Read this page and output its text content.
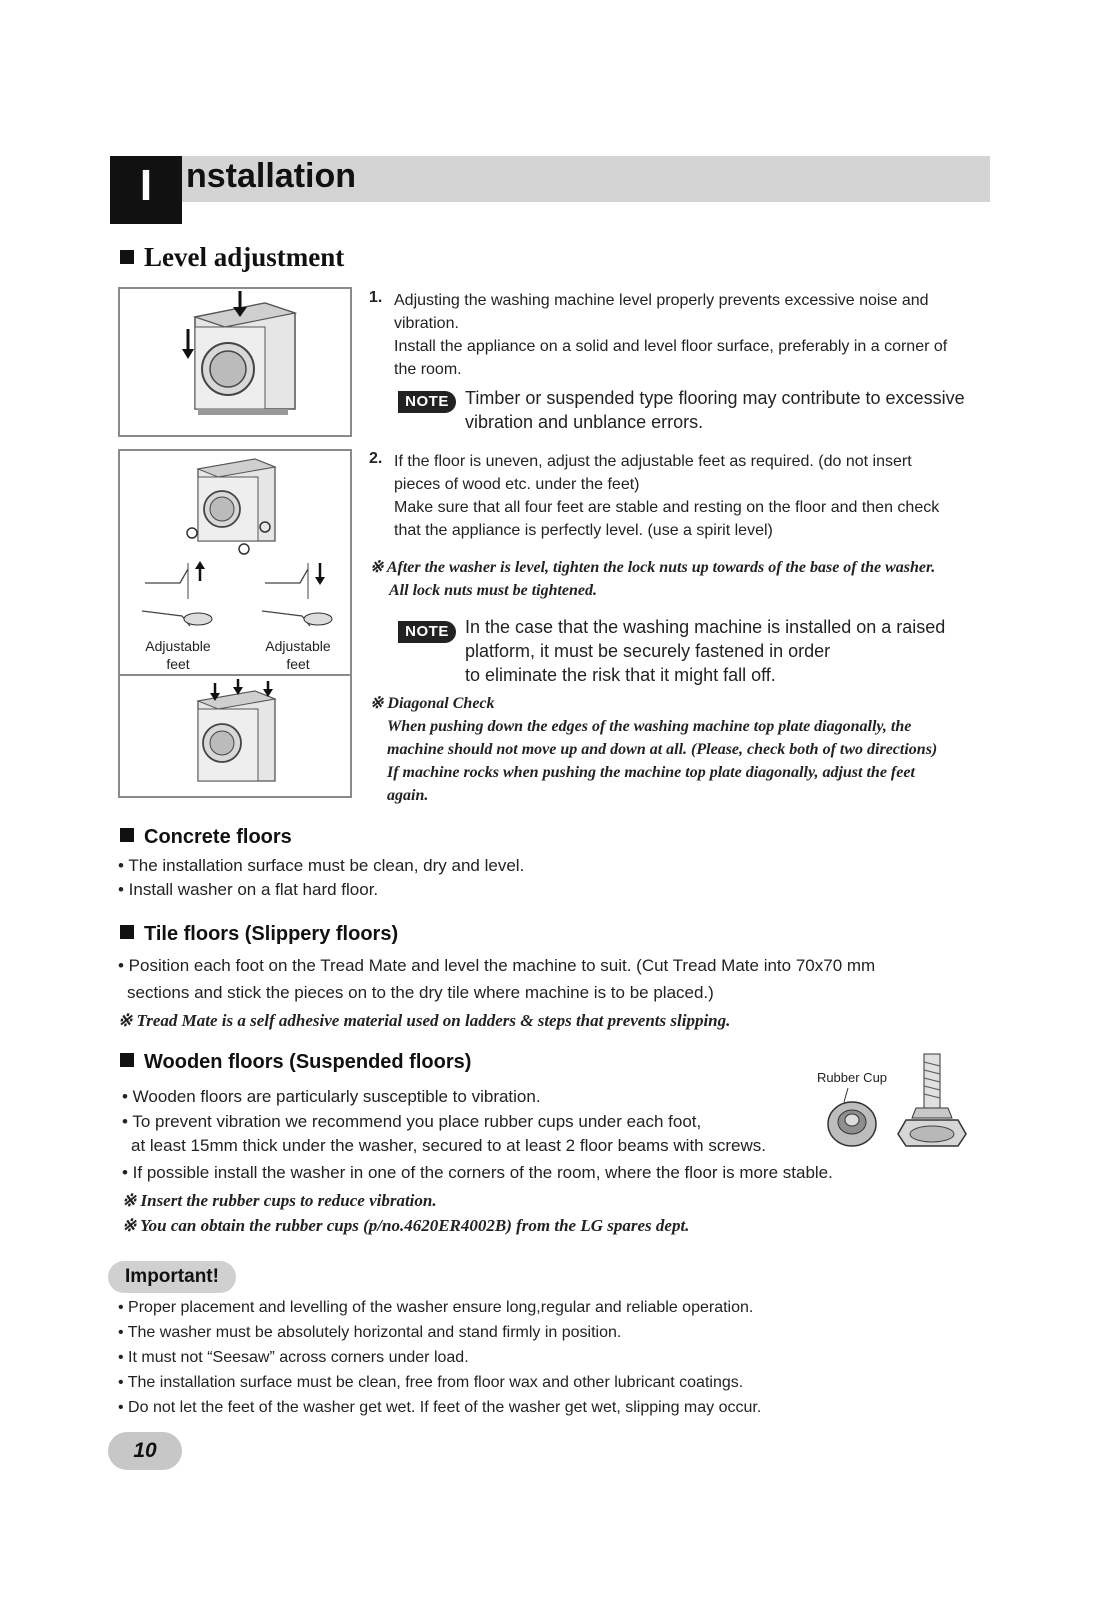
I nstallation
Level adjustment
Adjustable
feet
Adjustable
feet
1. Adjusting the washing machine level properly prevents excessive noise and
vibration.
Install the appliance on a solid and level floor surface, preferably in a corner of
the room.
NOTE Timber or suspended type flooring may contribute to excessive
vibration and unblance errors.
2. If the floor is uneven, adjust the adjustable feet as required. (do not insert
pieces of wood etc. under the feet)
Make sure that all four feet are stable and resting on the floor and then check
that the appliance is perfectly level. (use a spirit level)
※ After the washer is level, tighten the lock nuts up towards of the base of the washer.
All lock nuts must be tightened.
NOTE In the case that the washing machine is installed on a raised
platform, it must be securely fastened in order
to eliminate the risk that it might fall off.
※ Diagonal Check
When pushing down the edges of the washing machine top plate diagonally, the
machine should not move up and down at all. (Please, check both of two directions)
If machine rocks when pushing the machine top plate diagonally, adjust the feet
again.
Concrete floors
• The installation surface must be clean, dry and level.
• Install washer on a flat hard floor.
Tile floors (Slippery floors)
• Position each foot on the Tread Mate and level the machine to suit. (Cut Tread Mate into 70x70 mm
sections and stick the pieces on to the dry tile where machine is to be placed.)
※ Tread Mate is a self adhesive material used on ladders & steps that prevents slipping.
Wooden floors (Suspended floors)
• Wooden floors are particularly susceptible to vibration.
• To prevent vibration we recommend you place rubber cups under each foot,
at least 15mm thick under the washer, secured to at least 2 floor beams with screws.
• If possible install the washer in one of the corners of the room, where the floor is more stable.
※ Insert the rubber cups to reduce vibration.
※ You can obtain the rubber cups (p/no.4620ER4002B) from the LG spares dept.
Rubber Cup
Important!
• Proper placement and levelling of the washer ensure long,regular and reliable operation.
• The washer must be absolutely horizontal and stand firmly in position.
• It must not “Seesaw” across corners under load.
• The installation surface must be clean, free from floor wax and other lubricant coatings.
• Do not let the feet of the washer get wet. If feet of the washer get wet, slipping may occur.
10
